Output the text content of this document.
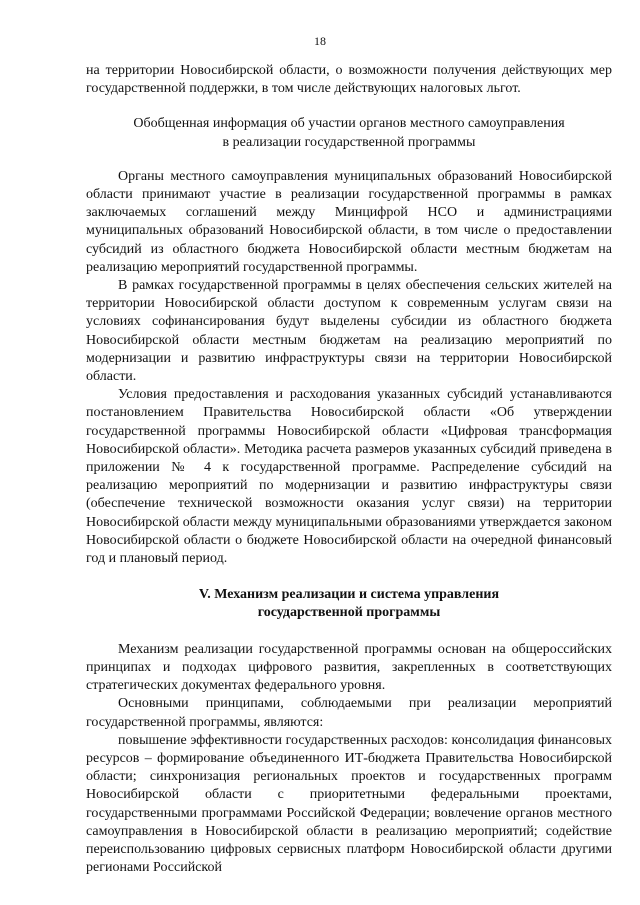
18

на территории Новосибирской области, о возможности получения действующих мер государственной поддержки, в том числе действующих налоговых льгот.

Обобщенная информация об участии органов местного самоуправления
в реализации государственной программы

Органы местного самоуправления муниципальных образований Новосибирской области принимают участие в реализации государственной программы в рамках заключаемых соглашений между Минцифрой НСО и администрациями муниципальных образований Новосибирской области, в том числе о предоставлении субсидий из областного бюджета Новосибирской области местным бюджетам на реализацию мероприятий государственной программы.

В рамках государственной программы в целях обеспечения сельских жителей на территории Новосибирской области доступом к современным услугам связи на условиях софинансирования будут выделены субсидии из областного бюджета Новосибирской области местным бюджетам на реализацию мероприятий по модернизации и развитию инфраструктуры связи на территории Новосибирской области.

Условия предоставления и расходования указанных субсидий устанавливаются постановлением Правительства Новосибирской области «Об утверждении государственной программы Новосибирской области «Цифровая трансформация Новосибирской области». Методика расчета размеров указанных субсидий приведена в приложении № 4 к государственной программе. Распределение субсидий на реализацию мероприятий по модернизации и развитию инфраструктуры связи (обеспечение технической возможности оказания услуг связи) на территории Новосибирской области между муниципальными образованиями утверждается законом Новосибирской области о бюджете Новосибирской области на очередной финансовый год и плановый период.

V. Механизм реализации и система управления
государственной программы

Механизм реализации государственной программы основан на общероссийских принципах и подходах цифрового развития, закрепленных в соответствующих стратегических документах федерального уровня.

Основными принципами, соблюдаемыми при реализации мероприятий государственной программы, являются:

повышение эффективности государственных расходов: консолидация финансовых ресурсов – формирование объединенного ИТ-бюджета Правительства Новосибирской области; синхронизация региональных проектов и государственных программ Новосибирской области с приоритетными федеральными проектами, государственными программами Российской Федерации; вовлечение органов местного самоуправления в Новосибирской области в реализацию мероприятий; содействие переиспользованию цифровых сервисных платформ Новосибирской области другими регионами Российской
